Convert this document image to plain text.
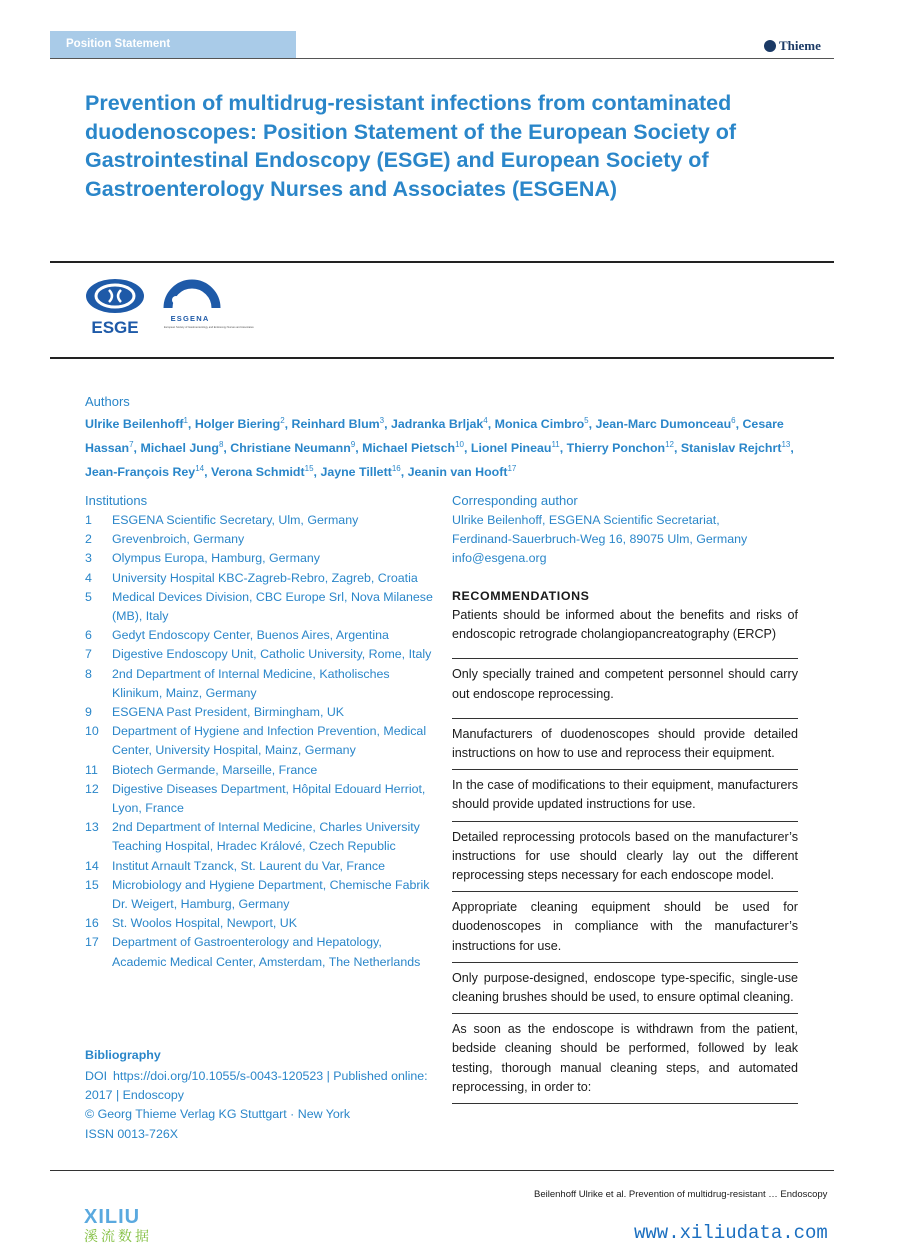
Position Statement	Thieme
Prevention of multidrug-resistant infections from contaminated duodenoscopes: Position Statement of the European Society of Gastrointestinal Endoscopy (ESGE) and European Society of Gastroenterology Nurses and Associates (ESGENA)
ESGE	ESGENA
European Society of Gastroenterology and Endoscopy Nurses and Associates
Authors
Ulrike Beilenhoff$^1$, Holger Biering$^2$, Reinhard Blum$^3$, Jadranka Brljak$^4$, Monica Cimbro$^5$, Jean-Marc Dumonceau$^6$, Cesare Hassan$^7$, Michael Jung$^8$, Christiane Neumann$^9$, Michael Pietsch$^{10}$, Lionel Pineau$^{11}$, Thierry Ponchon$^{12}$, Stanislav Rejchrt$^{13}$, Jean-François Rey$^{14}$, Verona Schmidt$^{15}$, Jayne Tillett$^{16}$, Jeanin van Hooft$^{17}$
Institutions
1	ESGENA Scientific Secretary, Ulm, Germany
2	Grevenbroich, Germany
3	Olympus Europa, Hamburg, Germany
4	University Hospital KBC-Zagreb-Rebro, Zagreb, Croatia
5	Medical Devices Division, CBC Europe Srl, Nova Milanese (MB), Italy
6	Gedyt Endoscopy Center, Buenos Aires, Argentina
7	Digestive Endoscopy Unit, Catholic University, Rome, Italy
8	2nd Department of Internal Medicine, Katholisches Klinikum, Mainz, Germany
9	ESGENA Past President, Birmingham, UK
10	Department of Hygiene and Infection Prevention, Medical Center, University Hospital, Mainz, Germany
11	Biotech Germande, Marseille, France
12	Digestive Diseases Department, Hôpital Edouard Herriot, Lyon, France
13	2nd Department of Internal Medicine, Charles University Teaching Hospital, Hradec Králové, Czech Republic
14	Institut Arnault Tzanck, St. Laurent du Var, France
15	Microbiology and Hygiene Department, Chemische Fabrik Dr. Weigert, Hamburg, Germany
16	St. Woolos Hospital, Newport, UK
17	Department of Gastroenterology and Hepatology, Academic Medical Center, Amsterdam, The Netherlands
Bibliography
DOI https://doi.org/10.1055/s-0043-120523 | Published online: 2017 | Endoscopy
© Georg Thieme Verlag KG Stuttgart · New York
ISSN 0013-726X
Corresponding author
Ulrike Beilenhoff, ESGENA Scientific Secretariat,
Ferdinand-Sauerbruch-Weg 16, 89075 Ulm, Germany
info@esgena.org
RECOMMENDATIONS

Patients should be informed about the benefits and risks of endoscopic retrograde cholangiopancreatography (ERCP)

Only specially trained and competent personnel should carry out endoscope reprocessing.

Manufacturers of duodenoscopes should provide detailed instructions on how to use and reprocess their equipment.

In the case of modifications to their equipment, manufacturers should provide updated instructions for use.

Detailed reprocessing protocols based on the manufacturer’s instructions for use should clearly lay out the different reprocessing steps necessary for each endoscope model.

Appropriate cleaning equipment should be used for duodenoscopes in compliance with the manufacturer’s instructions for use.

Only purpose-designed, endoscope type-specific, single-use cleaning brushes should be used, to ensure optimal cleaning.

As soon as the endoscope is withdrawn from the patient, bedside cleaning should be performed, followed by leak testing, thorough manual cleaning steps, and automated reprocessing, in order to:

Beilenhoff Ulrike et al. Prevention of multidrug-resistant … Endoscopy
XILIU
溪流数据	www.xiliudata.com
